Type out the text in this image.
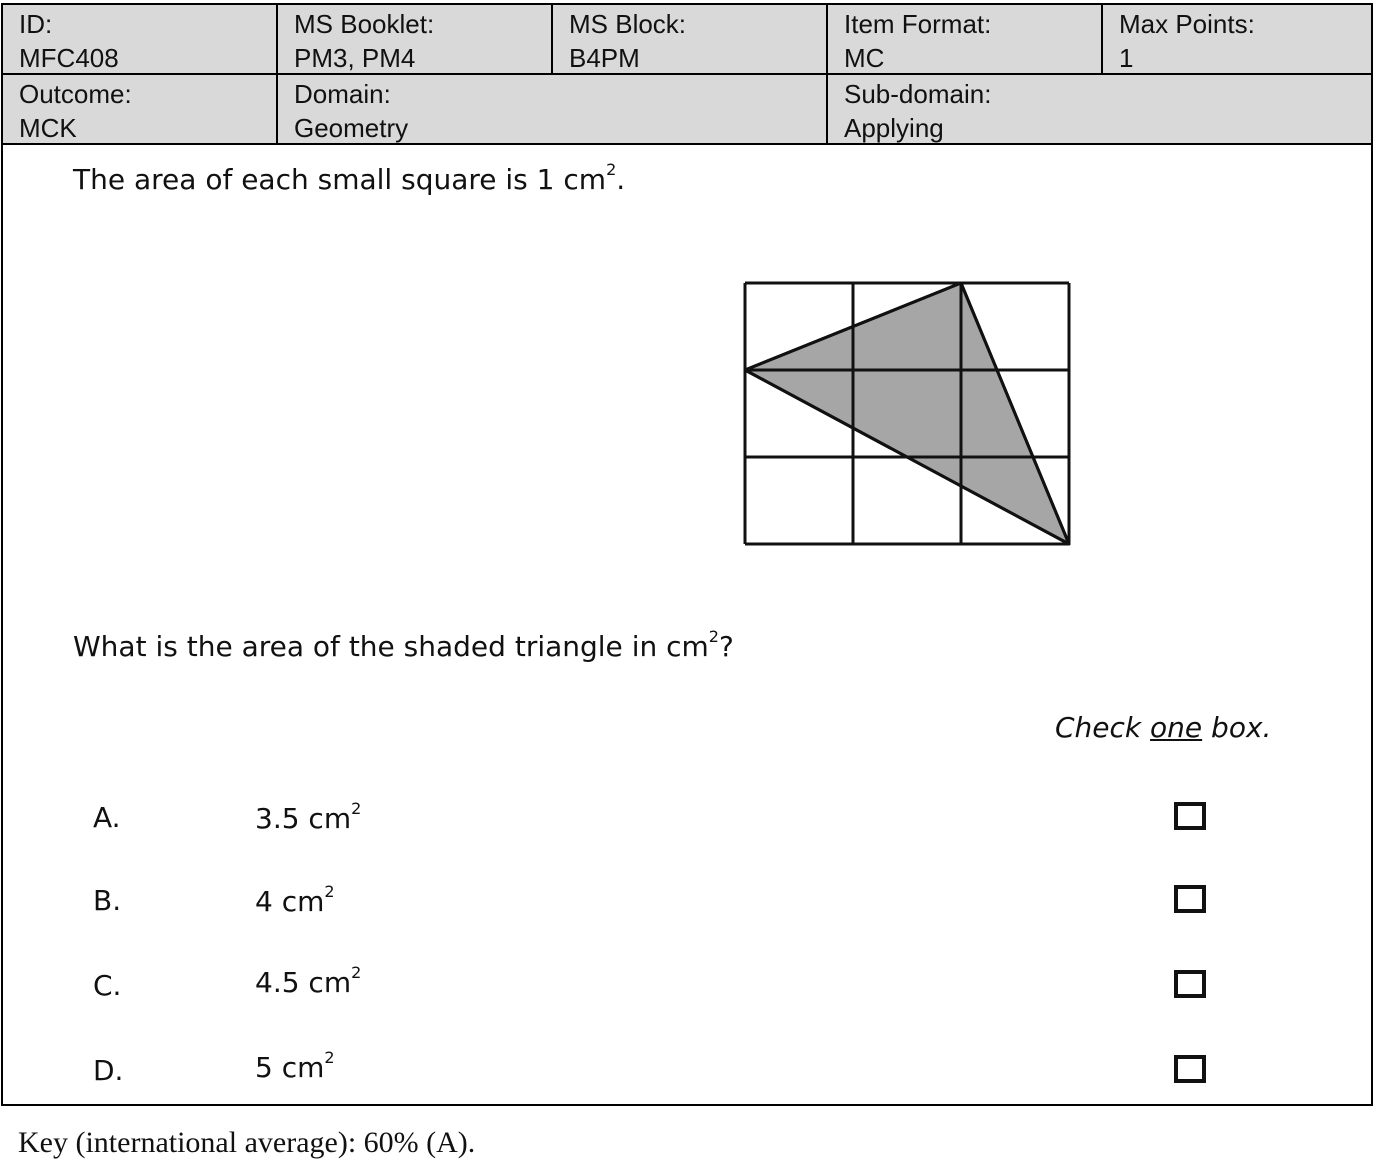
ID:
MFC408
MS Booklet:
PM3, PM4
MS Block:
B4PM
Item Format:
MC
Max Points:
1
Outcome:
MCK
Domain:
Geometry
Sub-domain:
Applying
The area of each small square is 1 $cm^2$.
What is the area of the shaded triangle in $cm^2$?
Check one box.
A.	3.5 $cm^2$
B.	4 $cm^2$
C.	4.5 $cm^2$
D.	5 $cm^2$
Key (international average): 60% (A).
